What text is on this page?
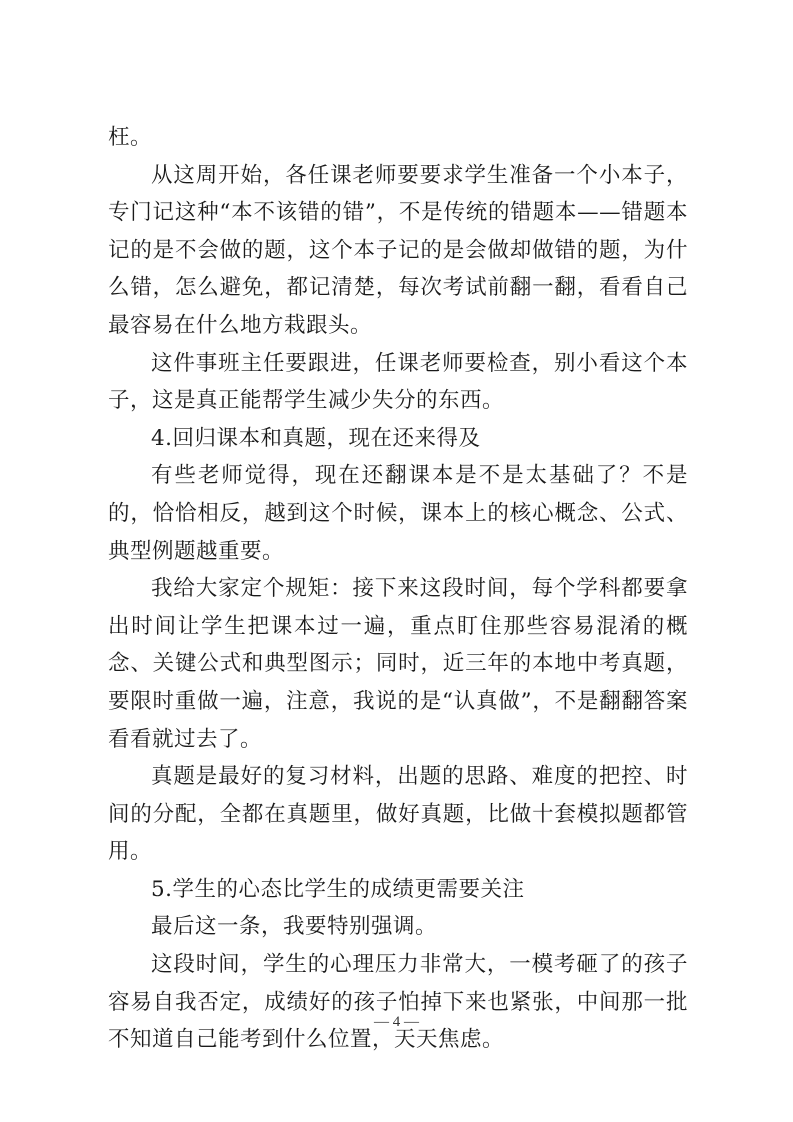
枉。

从这周开始，各任课老师要要求学生准备一个小本子，专门记这种“本不该错的错”，不是传统的错题本——错题本记的是不会做的题，这个本子记的是会做却做错的题，为什么错，怎么避免，都记清楚，每次考试前翻一翻，看看自己最容易在什么地方栽跟头。

这件事班主任要跟进，任课老师要检查，别小看这个本子，这是真正能帮学生减少失分的东西。

4.回归课本和真题，现在还来得及

有些老师觉得，现在还翻课本是不是太基础了？不是的，恰恰相反，越到这个时候，课本上的核心概念、公式、典型例题越重要。

我给大家定个规矩：接下来这段时间，每个学科都要拿出时间让学生把课本过一遍，重点盯住那些容易混淆的概念、关键公式和典型图示；同时，近三年的本地中考真题，要限时重做一遍，注意，我说的是“认真做”，不是翻翻答案看看就过去了。

真题是最好的复习材料，出题的思路、难度的把控、时间的分配，全都在真题里，做好真题，比做十套模拟题都管用。

5.学生的心态比学生的成绩更需要关注

最后这一条，我要特别强调。

这段时间，学生的心理压力非常大，一模考砸了的孩子容易自我否定，成绩好的孩子怕掉下来也紧张，中间那一批不知道自己能考到什么位置，天天焦虑。

— 4 —
